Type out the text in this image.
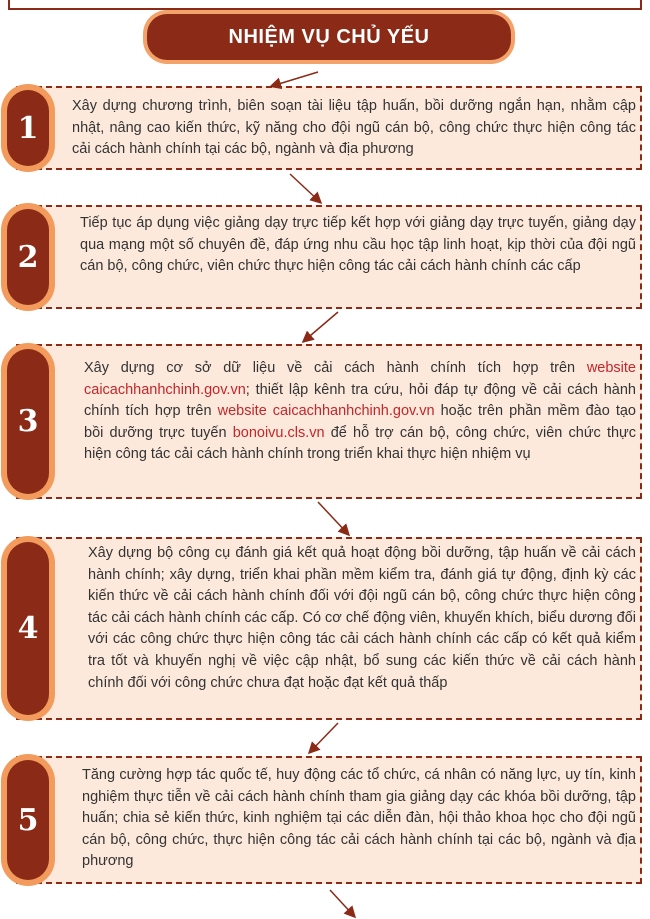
NHIỆM VỤ CHỦ YẾU
1
Xây dựng chương trình, biên soạn tài liệu tập huấn, bồi dưỡng ngắn hạn, nhằm cập nhật, nâng cao kiến thức, kỹ năng cho đội ngũ cán bộ, công chức thực hiện công tác cải cách hành chính tại các bộ, ngành và địa phương
2
Tiếp tục áp dụng việc giảng dạy trực tiếp kết hợp với giảng dạy trực tuyến, giảng dạy qua mạng một số chuyên đề, đáp ứng nhu cầu học tập linh hoạt, kịp thời của đội ngũ cán bộ, công chức, viên chức thực hiện công tác cải cách hành chính các cấp
3
Xây dựng cơ sở dữ liệu về cải cách hành chính tích hợp trên website caicachhanhchinh.gov.vn; thiết lập kênh tra cứu, hỏi đáp tự động về cải cách hành chính tích hợp trên website caicachhanhchinh.gov.vn hoặc trên phần mềm đào tạo bồi dưỡng trực tuyến bonoivu.cls.vn để hỗ trợ cán bộ, công chức, viên chức thực hiện công tác cải cách hành chính trong triển khai thực hiện nhiệm vụ
4
Xây dựng bộ công cụ đánh giá kết quả hoạt động bồi dưỡng, tập huấn về cải cách hành chính; xây dựng, triển khai phần mềm kiểm tra, đánh giá tự động, định kỳ các kiến thức về cải cách hành chính đối với đội ngũ cán bộ, công chức thực hiện công tác cải cách hành chính các cấp. Có cơ chế động viên, khuyến khích, biểu dương đối với các công chức thực hiện công tác cải cách hành chính các cấp có kết quả kiểm tra tốt và khuyến nghị về việc cập nhật, bổ sung các kiến thức về cải cách hành chính đối với công chức chưa đạt hoặc đạt kết quả thấp
5
Tăng cường hợp tác quốc tế, huy động các tổ chức, cá nhân có năng lực, uy tín, kinh nghiệm thực tiễn về cải cách hành chính tham gia giảng dạy các khóa bồi dưỡng, tập huấn; chia sẻ kiến thức, kinh nghiệm tại các diễn đàn, hội thảo khoa học cho đội ngũ cán bộ, công chức, thực hiện công tác cải cách hành chính tại các bộ, ngành và địa phương
